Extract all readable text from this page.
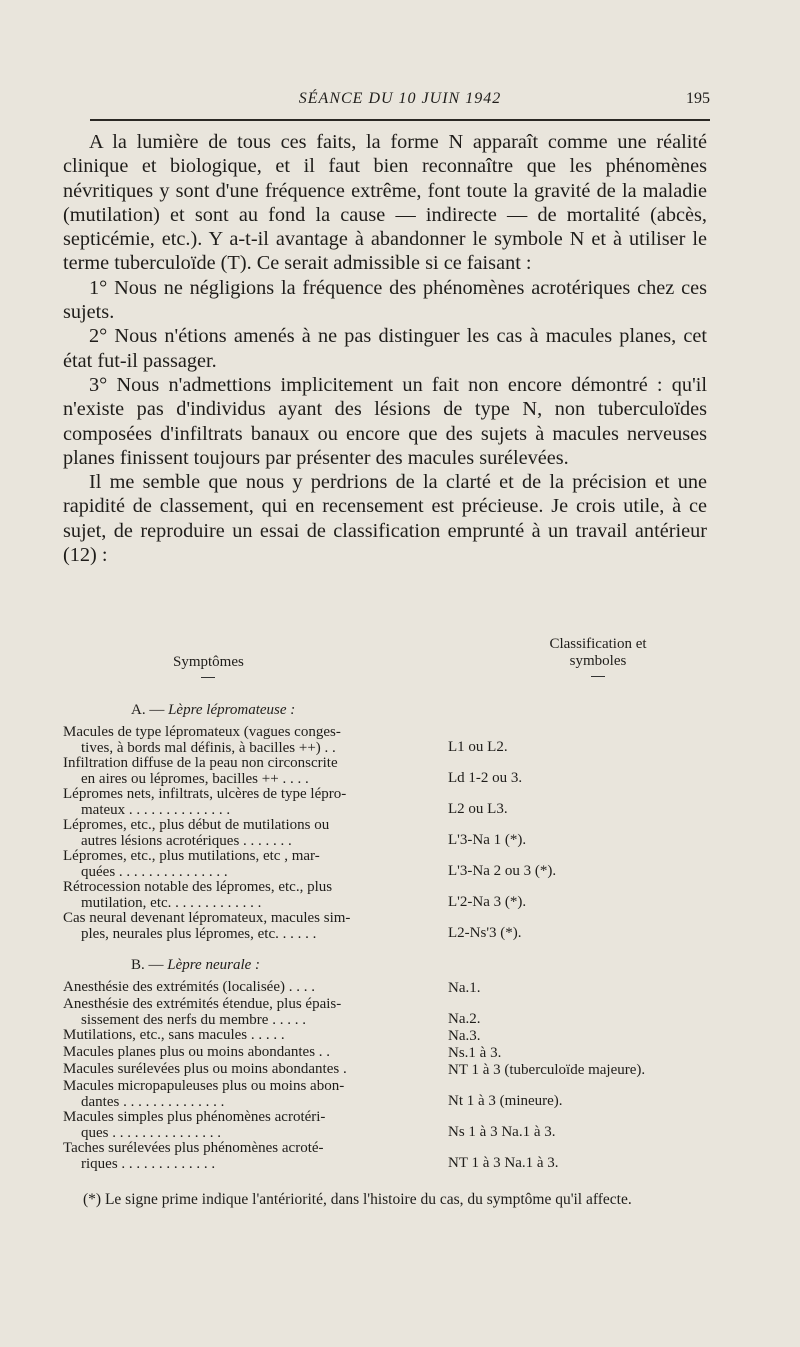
SÉANCE DU 10 JUIN 1942	195

A la lumière de tous ces faits, la forme N apparaît comme une réalité clinique et biologique, et il faut bien reconnaître que les phénomènes névritiques y sont d'une fréquence extrême, font toute la gravité de la maladie (mutilation) et sont au fond la cause — indirecte — de mortalité (abcès, septicémie, etc.). Y a-t-il avantage à abandonner le symbole N et à utiliser le terme tuberculoïde (T). Ce serait admissible si ce faisant :

1° Nous ne négligions la fréquence des phénomènes acrotériques chez ces sujets.

2° Nous n'étions amenés à ne pas distinguer les cas à macules planes, cet état fut-il passager.

3° Nous n'admettions implicitement un fait non encore démontré : qu'il n'existe pas d'individus ayant des lésions de type N, non tuberculoïdes composées d'infiltrats banaux ou encore que des sujets à macules nerveuses planes finissent toujours par présenter des macules surélevées.

Il me semble que nous y perdrions de la clarté et de la précision et une rapidité de classement, qui en recensement est précieuse. Je crois utile, à ce sujet, de reproduire un essai de classification emprunté à un travail antérieur (12) :

Symptômes
Classification et
symboles
A. — Lèpre lépromateuse :
Macules de type lépromateux (vagues conges-
tives, à bords mal définis, à bacilles ++) . .	L1 ou L2.
Infiltration diffuse de la peau non circonscrite
en aires ou lépromes, bacilles ++ . . . .	Ld 1-2 ou 3.
Lépromes nets, infiltrats, ulcères de type lépro-
mateux . . . . . . . . . . . . . .	L2 ou L3.
Lépromes, etc., plus début de mutilations ou
autres lésions acrotériques . . . . . . .	L'3-Na 1 (*).
Lépromes, etc., plus mutilations, etc , mar-
quées . . . . . . . . . . . . . . .	L'3-Na 2 ou 3 (*).
Rétrocession notable des lépromes, etc., plus
mutilation, etc. . . . . . . . . . . . .	L'2-Na 3 (*).
Cas neural devenant lépromateux, macules sim-
ples, neurales plus lépromes, etc. . . . . .	L2-Ns'3 (*).
B. — Lèpre neurale :
Anesthésie des extrémités (localisée) . . . .	Na.1.
Anesthésie des extrémités étendue, plus épais-
sissement des nerfs du membre . . . . .	Na.2.
Mutilations, etc., sans macules . . . . .	Na.3.
Macules planes plus ou moins abondantes . .	Ns.1 à 3.
Macules surélevées plus ou moins abondantes .	NT 1 à 3 (tuberculoïde majeure).
Macules micropapuleuses plus ou moins abon-
dantes . . . . . . . . . . . . . .	Nt 1 à 3 (mineure).
Macules simples plus phénomènes acrotéri-
ques . . . . . . . . . . . . . . .	Ns 1 à 3 Na.1 à 3.
Taches surélevées plus phénomènes acroté-
riques . . . . . . . . . . . . .	NT 1 à 3 Na.1 à 3.
(*) Le signe prime indique l'antériorité, dans l'histoire du cas, du symptôme qu'il affecte.
